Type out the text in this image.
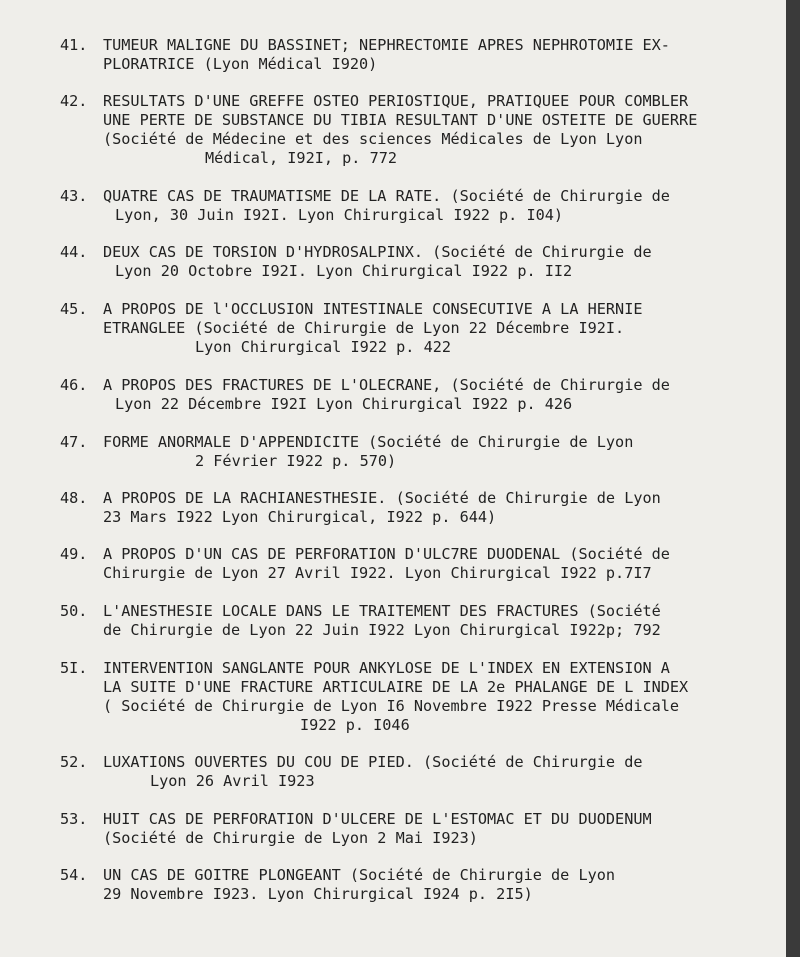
41.	TUMEUR MALIGNE DU BASSINET; NEPHRECTOMIE APRES NEPHROTOMIE EX-
PLORATRICE (Lyon Médical I920)
42.	RESULTATS D'UNE GREFFE OSTEO PERIOSTIQUE, PRATIQUEE POUR COMBLER
UNE PERTE DE SUBSTANCE DU TIBIA RESULTANT D'UNE OSTEITE DE GUERRE
(Société de Médecine et des sciences Médicales de Lyon Lyon
Médical, I92I, p. 772
43.	QUATRE CAS DE TRAUMATISME DE LA RATE. (Société de Chirurgie de
Lyon, 30 Juin I92I. Lyon Chirurgical I922 p. I04)
44.	DEUX CAS DE TORSION D'HYDROSALPINX. (Société de Chirurgie de
Lyon 20 Octobre I92I. Lyon Chirurgical I922 p. II2
45.	A PROPOS DE l'OCCLUSION INTESTINALE CONSECUTIVE A LA HERNIE
ETRANGLEE (Société de Chirurgie de Lyon 22 Décembre I92I.
Lyon Chirurgical I922 p. 422
46.	A PROPOS DES FRACTURES DE L'OLECRANE, (Société de Chirurgie de
Lyon 22 Décembre I92I Lyon Chirurgical I922 p. 426
47.	FORME ANORMALE D'APPENDICITE (Société de Chirurgie de Lyon
2 Février I922 p. 570)
48.	A PROPOS DE LA RACHIANESTHESIE. (Société de Chirurgie de Lyon
23 Mars I922 Lyon Chirurgical, I922 p. 644)
49.	A PROPOS D'UN CAS DE PERFORATION D'ULC7RE DUODENAL (Société de
Chirurgie de Lyon 27 Avril I922. Lyon Chirurgical I922 p.7I7
50.	L'ANESTHESIE LOCALE DANS LE TRAITEMENT DES FRACTURES (Société
de Chirurgie de Lyon 22 Juin I922 Lyon Chirurgical I922p; 792
5I.	INTERVENTION SANGLANTE POUR ANKYLOSE DE L'INDEX EN EXTENSION A
LA SUITE D'UNE FRACTURE ARTICULAIRE DE LA 2e PHALANGE DE L INDEX
( Société de Chirurgie de Lyon I6 Novembre I922 Presse Médicale
I922 p. I046
52.	LUXATIONS OUVERTES DU COU DE PIED. (Société de Chirurgie de
Lyon 26 Avril I923
53.	HUIT CAS DE PERFORATION D'ULCERE DE L'ESTOMAC ET DU DUODENUM
(Société de Chirurgie de Lyon 2 Mai I923)
54.	UN CAS DE GOITRE PLONGEANT (Société de Chirurgie de Lyon
29 Novembre I923. Lyon Chirurgical I924 p. 2I5)
